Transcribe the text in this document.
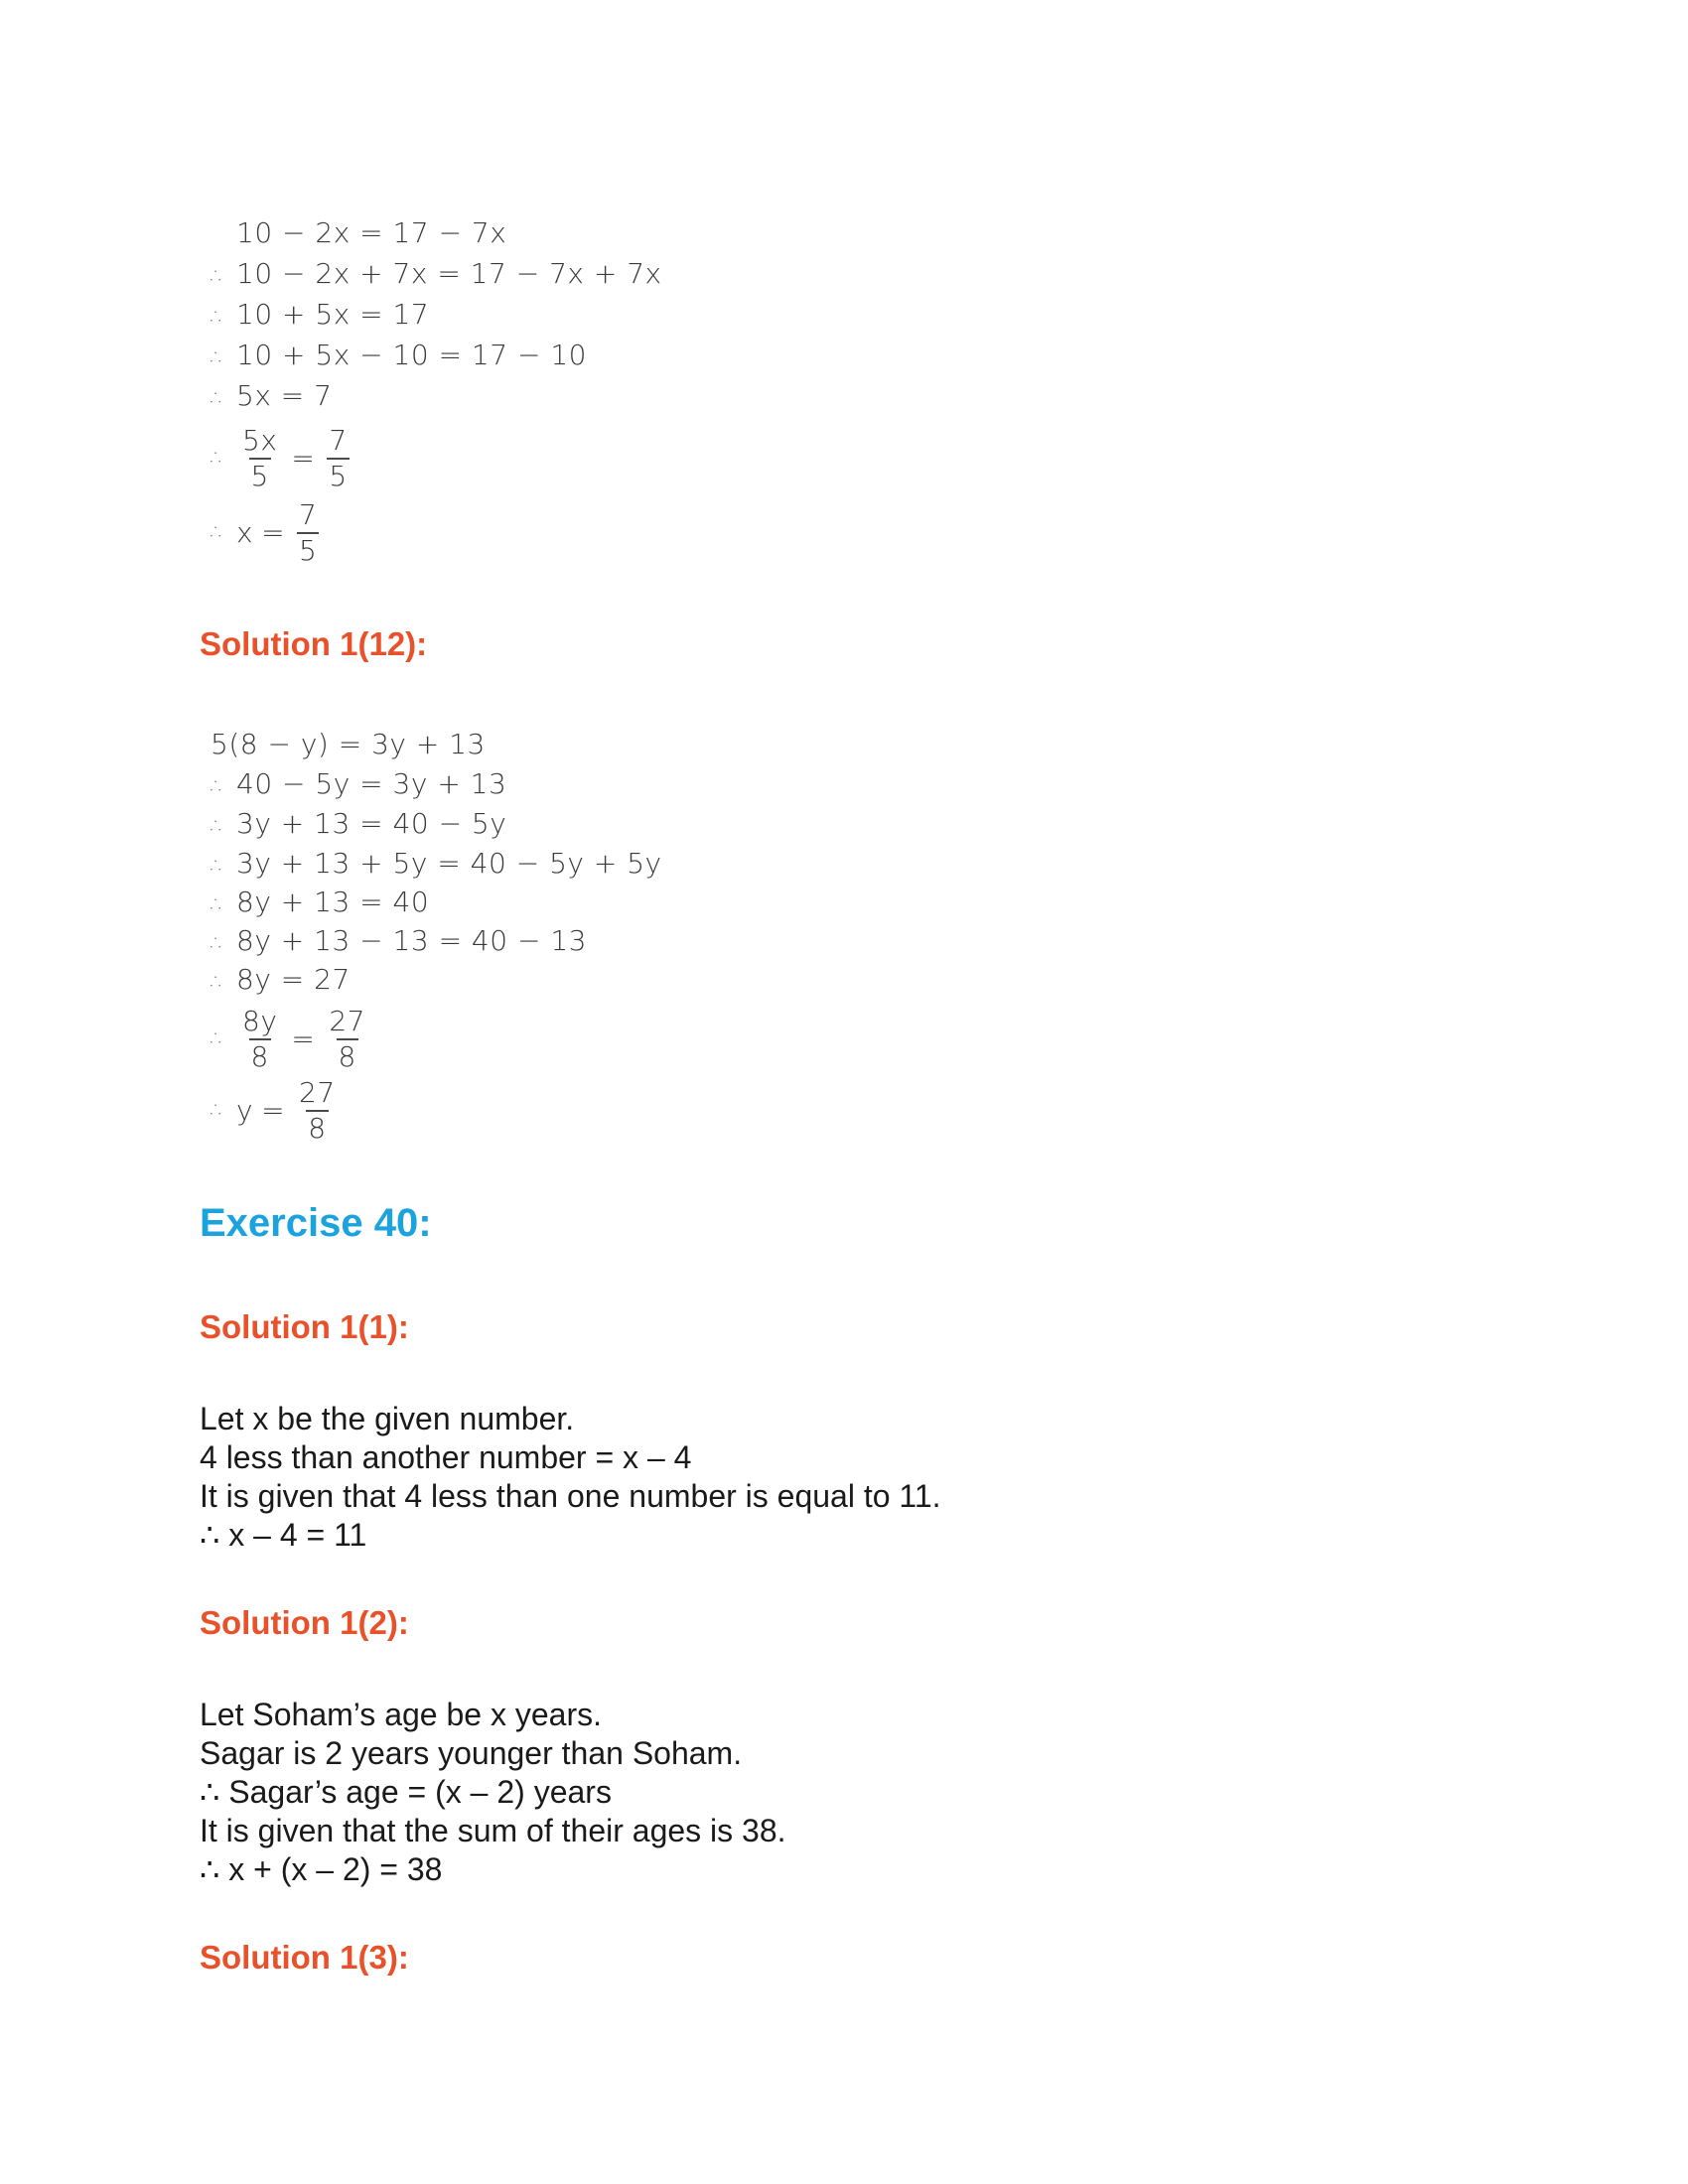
10 − 2x = 17 − 7x
∴ 10 − 2x + 7x = 17 − 7x + 7x
∴ 10 + 5x = 17
∴ 10 + 5x − 10 = 17 − 10
∴ 5x = 7
∴ $\frac{5x}{5} = \frac{7}{5}$
∴ $x = \frac{7}{5}$
Solution 1(12):
5(8 − y) = 3y + 13
∴ 40 − 5y = 3y + 13
∴ 3y + 13 = 40 − 5y
∴ 3y + 13 + 5y = 40 − 5y + 5y
∴ 8y + 13 = 40
∴ 8y + 13 − 13 = 40 − 13
∴ 8y = 27
∴ $\frac{8y}{8} = \frac{27}{8}$
∴ $y = \frac{27}{8}$
Exercise 40:
Solution 1(1):
Let x be the given number.
4 less than another number = x – 4
It is given that 4 less than one number is equal to 11.
∴ x – 4 = 11
Solution 1(2):
Let Soham’s age be x years.
Sagar is 2 years younger than Soham.
∴ Sagar’s age = (x – 2) years
It is given that the sum of their ages is 38.
∴ x + (x – 2) = 38
Solution 1(3):
